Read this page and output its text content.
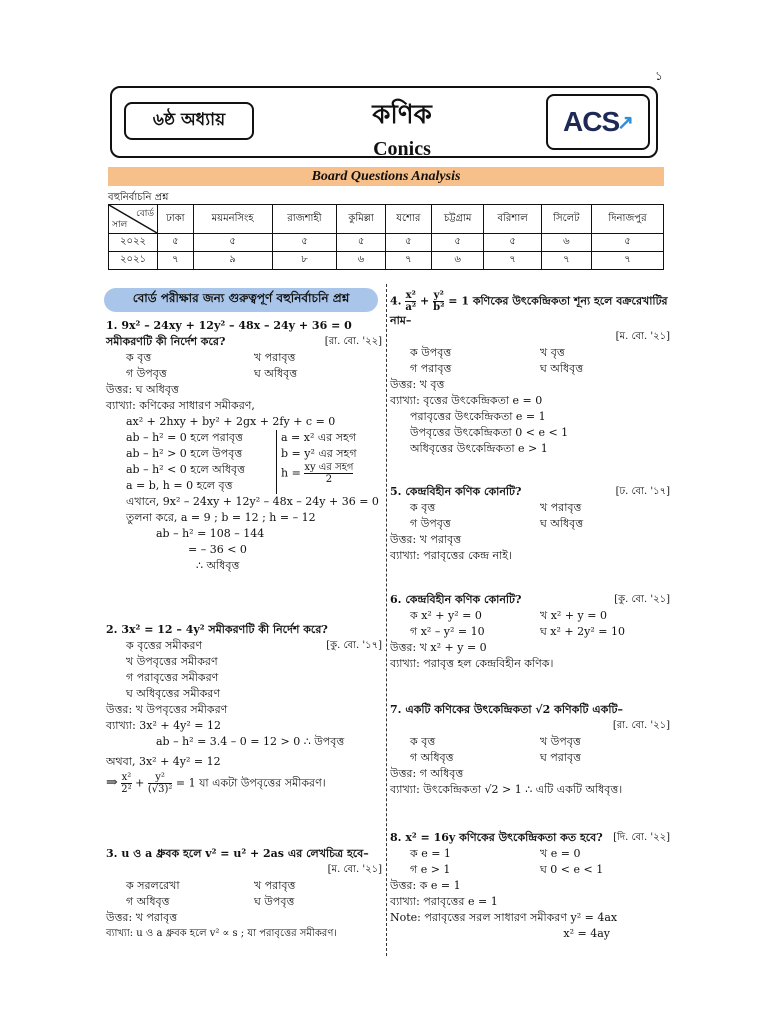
১
৬ষ্ঠ অধ্যায়	কণিক
Conics
ACS
↗
Board Questions Analysis
বহুনির্বাচনি প্রশ্ন
বোর্ড
সাল	ঢাকা	ময়মনসিংহ	রাজশাহী	কুমিল্লা	যশোর	চট্টগ্রাম	বরিশাল	সিলেট	দিনাজপুর
২০২২	৫	৫	৫	৫	৫	৫	৫	৬	৫
২০২১	৭	৯	৮	৬	৭	৬	৭	৭	৭
বোর্ড পরীক্ষার জন্য গুরুত্বপূর্ণ বহুনির্বাচনি প্রশ্ন
1. 9x² – 24xy + 12y² – 48x – 24y + 36 = 0 সমীকরণটি কী নির্দেশ করে?	[রা. বো. '২২]
ক বৃত্ত	খ পরাবৃত্ত
গ উপবৃত্ত	ঘ অধিবৃত্ত
উত্তর: ঘ অধিবৃত্ত
ব্যাখ্যা: কণিকের সাধারণ সমীকরণ,
ax² + 2hxy + by² + 2gx + 2fy + c = 0
ab – h² = 0 হলে পরাবৃত্ত
ab – h² > 0 হলে উপবৃত্ত
ab – h² < 0 হলে অধিবৃত্ত
a = b, h = 0 হলে বৃত্ত
a = x² এর সহগ
b = y² এর সহগ
$h = \frac{\text{xy এর সহগ}}{2}$
এখানে, 9x² – 24xy + 12y² – 48x – 24y + 36 = 0
তুলনা করে, a = 9 ; b = 12 ; h = – 12
ab – h² = 108 – 144
= – 36 < 0
∴ অধিবৃত্ত
2. 3x² = 12 – 4y² সমীকরণটি কী নির্দেশ করে?
[কু. বো. '১৭]
ক বৃত্তের সমীকরণ
খ উপবৃত্তের সমীকরণ
গ পরাবৃত্তের সমীকরণ
ঘ অধিবৃত্তের সমীকরণ
উত্তর: খ উপবৃত্তের সমীকরণ
ব্যাখ্যা: 3x² + 4y² = 12
ab – h² = 3.4 – 0 = 12 > 0 ∴ উপবৃত্ত
অথবা, 3x² + 4y² = 12
⇒ $\frac{\text{x²}}{\text{2²}} + \frac{\text{y²}}{\text{(√3)²}} = 1$ যা একটা উপবৃত্তের সমীকরণ।
3. u ও a ধ্রুবক হলে v² = u² + 2as এর লেখচিত্র হবে–
[ম. বো. '২১]
ক সরলরেখা	খ পরাবৃত্ত
গ অধিবৃত্ত	ঘ উপবৃত্ত
উত্তর: খ পরাবৃত্ত
ব্যাখ্যা: u ও a ধ্রুবক হলে v² ∝ s ; যা পরাবৃত্তের সমীকরণ।
4. $\frac{\text{x²}}{\text{a²}} + \frac{\text{y²}}{\text{b²}} = 1$ কণিকের উৎকেন্দ্রিকতা শূন্য হলে বক্ররেখাটির নাম–
[ম. বো. '২১]
ক উপবৃত্ত	খ বৃত্ত
গ পরাবৃত্ত	ঘ অধিবৃত্ত
উত্তর: খ বৃত্ত
ব্যাখ্যা: বৃত্তের উৎকেন্দ্রিকতা e = 0
পরাবৃত্তের উৎকেন্দ্রিকতা e = 1
উপবৃত্তের উৎকেন্দ্রিকতা 0 < e < 1
অধিবৃত্তের উৎকেন্দ্রিকতা e > 1
5. কেন্দ্রবিহীন কণিক কোনটি?	[ঢ. বো. '১৭]
ক বৃত্ত	খ পরাবৃত্ত
গ উপবৃত্ত	ঘ অধিবৃত্ত
উত্তর: খ পরাবৃত্ত
ব্যাখ্যা: পরাবৃত্তের কেন্দ্র নাই।
6. কেন্দ্রবিহীন কণিক কোনটি?	[কু. বো. '২১]
ক x² + y² = 0	খ x² + y = 0
গ x² – y² = 10	ঘ x² + 2y² = 10
উত্তর: খ x² + y = 0
ব্যাখ্যা: পরাবৃত্ত হল কেন্দ্রবিহীন কণিক।
7. একটি কণিকের উৎকেন্দ্রিকতা √2 কণিকটি একটি–
[রা. বো. '২১]
ক বৃত্ত	খ উপবৃত্ত
গ অধিবৃত্ত	ঘ পরাবৃত্ত
উত্তর: গ অধিবৃত্ত
ব্যাখ্যা: উৎকেন্দ্রিকতা √2 > 1 ∴ এটি একটি অধিবৃত্ত।
8. x² = 16y কণিকের উৎকেন্দ্রিকতা কত হবে? [দি. বো. '২২]
ক e = 1	খ e = 0
গ e > 1	ঘ 0 < e < 1
উত্তর: ক e = 1
ব্যাখ্যা: পরাবৃত্তের e = 1
Note: পরাবৃত্তের সরল সাধারণ সমীকরণ y² = 4ax
x² = 4ay
